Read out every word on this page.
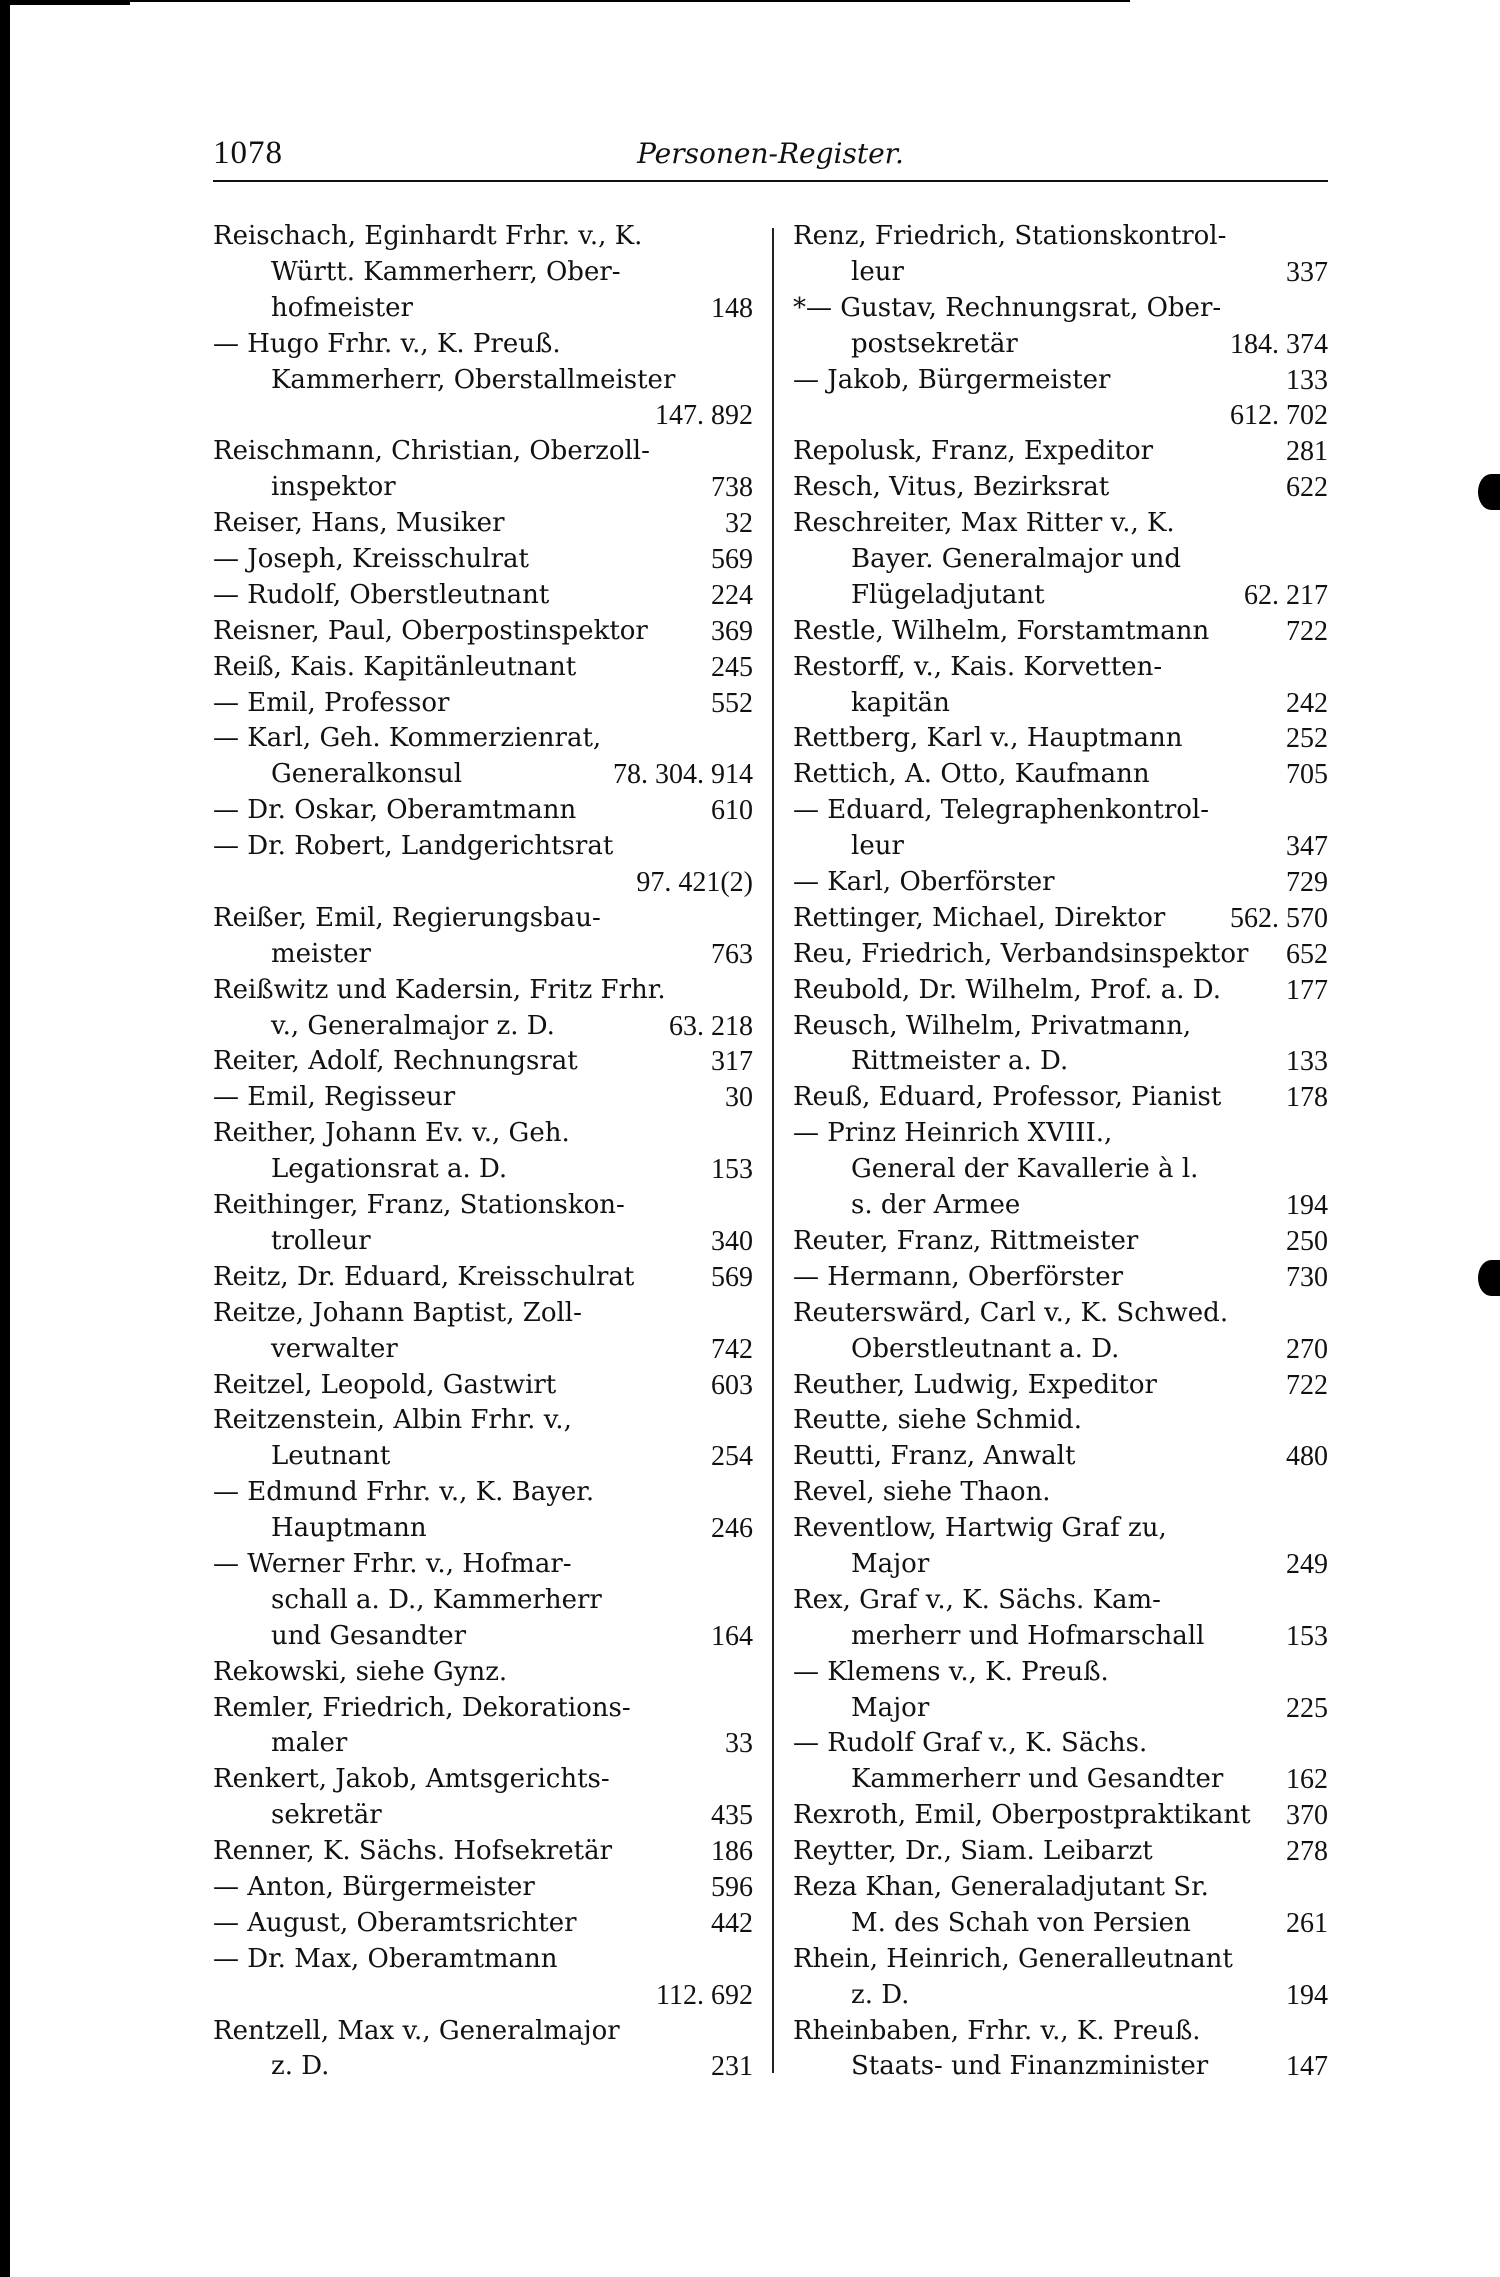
1078	Personen-Register.
Reischach, Eginhardt Frhr. v., K.
Württ. Kammerherr, Ober-
hofmeister	148
— Hugo Frhr. v., K. Preuß.
Kammerherr, Oberstallmeister
147. 892
Reischmann, Christian, Oberzoll-
inspektor	738
Reiser, Hans, Musiker	32
— Joseph, Kreisschulrat	569
— Rudolf, Oberstleutnant	224
Reisner, Paul, Oberpostinspektor 369
Reiß, Kais. Kapitänleutnant	245
— Emil, Professor	552
— Karl, Geh. Kommerzienrat,
Generalkonsul	78. 304. 914
— Dr. Oskar, Oberamtmann	610
— Dr. Robert, Landgerichtsrat
97. 421(2)
Reißer, Emil, Regierungsbau-
meister	763
Reißwitz und Kadersin, Fritz Frhr.
v., Generalmajor z. D.	63. 218
Reiter, Adolf, Rechnungsrat	317
— Emil, Regisseur	30
Reither, Johann Ev. v., Geh.
Legationsrat a. D.	153
Reithinger, Franz, Stationskon-
trolleur	340
Reitz, Dr. Eduard, Kreisschulrat	569
Reitze, Johann Baptist, Zoll-
verwalter	742
Reitzel, Leopold, Gastwirt	603
Reitzenstein, Albin Frhr. v.,
Leutnant	254
— Edmund Frhr. v., K. Bayer.
Hauptmann	246
— Werner Frhr. v., Hofmar-
schall a. D., Kammerherr
und Gesandter	164
Rekowski, siehe Gynz.
Remler, Friedrich, Dekorations-
maler	33
Renkert, Jakob, Amtsgerichts-
sekretär	435
Renner, K. Sächs. Hofsekretär	186
— Anton, Bürgermeister	596
— August, Oberamtsrichter	442
— Dr. Max, Oberamtmann
112. 692
Rentzell, Max v., Generalmajor
z. D.	231
Renz, Friedrich, Stationskontrol-
leur	337
*— Gustav, Rechnungsrat, Ober-
postsekretär	184. 374
— Jakob, Bürgermeister	133
612. 702
Repolusk, Franz, Expeditor	281
Resch, Vitus, Bezirksrat	622
Reschreiter, Max Ritter v., K.
Bayer. Generalmajor und
Flügeladjutant	62. 217
Restle, Wilhelm, Forstamtmann	722
Restorff, v., Kais. Korvetten-
kapitän	242
Rettberg, Karl v., Hauptmann	252
Rettich, A. Otto, Kaufmann	705
— Eduard, Telegraphenkontrol-
leur	347
— Karl, Oberförster	729
Rettinger, Michael, Direktor 562. 570
Reu, Friedrich, Verbandsinspektor 652
Reubold, Dr. Wilhelm, Prof. a. D. 177
Reusch, Wilhelm, Privatmann,
Rittmeister a. D.	133
Reuß, Eduard, Professor, Pianist 178
— Prinz Heinrich XVIII.,
General der Kavallerie à l.
s. der Armee	194
Reuter, Franz, Rittmeister	250
— Hermann, Oberförster	730
Reuterswärd, Carl v., K. Schwed.
Oberstleutnant a. D.	270
Reuther, Ludwig, Expeditor	722
Reutte, siehe Schmid.
Reutti, Franz, Anwalt	480
Revel, siehe Thaon.
Reventlow, Hartwig Graf zu,
Major	249
Rex, Graf v., K. Sächs. Kam-
merherr und Hofmarschall	153
— Klemens v., K. Preuß.
Major	225
— Rudolf Graf v., K. Sächs.
Kammerherr und Gesandter 162
Rexroth, Emil, Oberpostpraktikant 370
Reytter, Dr., Siam. Leibarzt	278
Reza Khan, Generaladjutant Sr.
M. des Schah von Persien	261
Rhein, Heinrich, Generalleutnant
z. D.	194
Rheinbaben, Frhr. v., K. Preuß.
Staats- und Finanzminister	147
